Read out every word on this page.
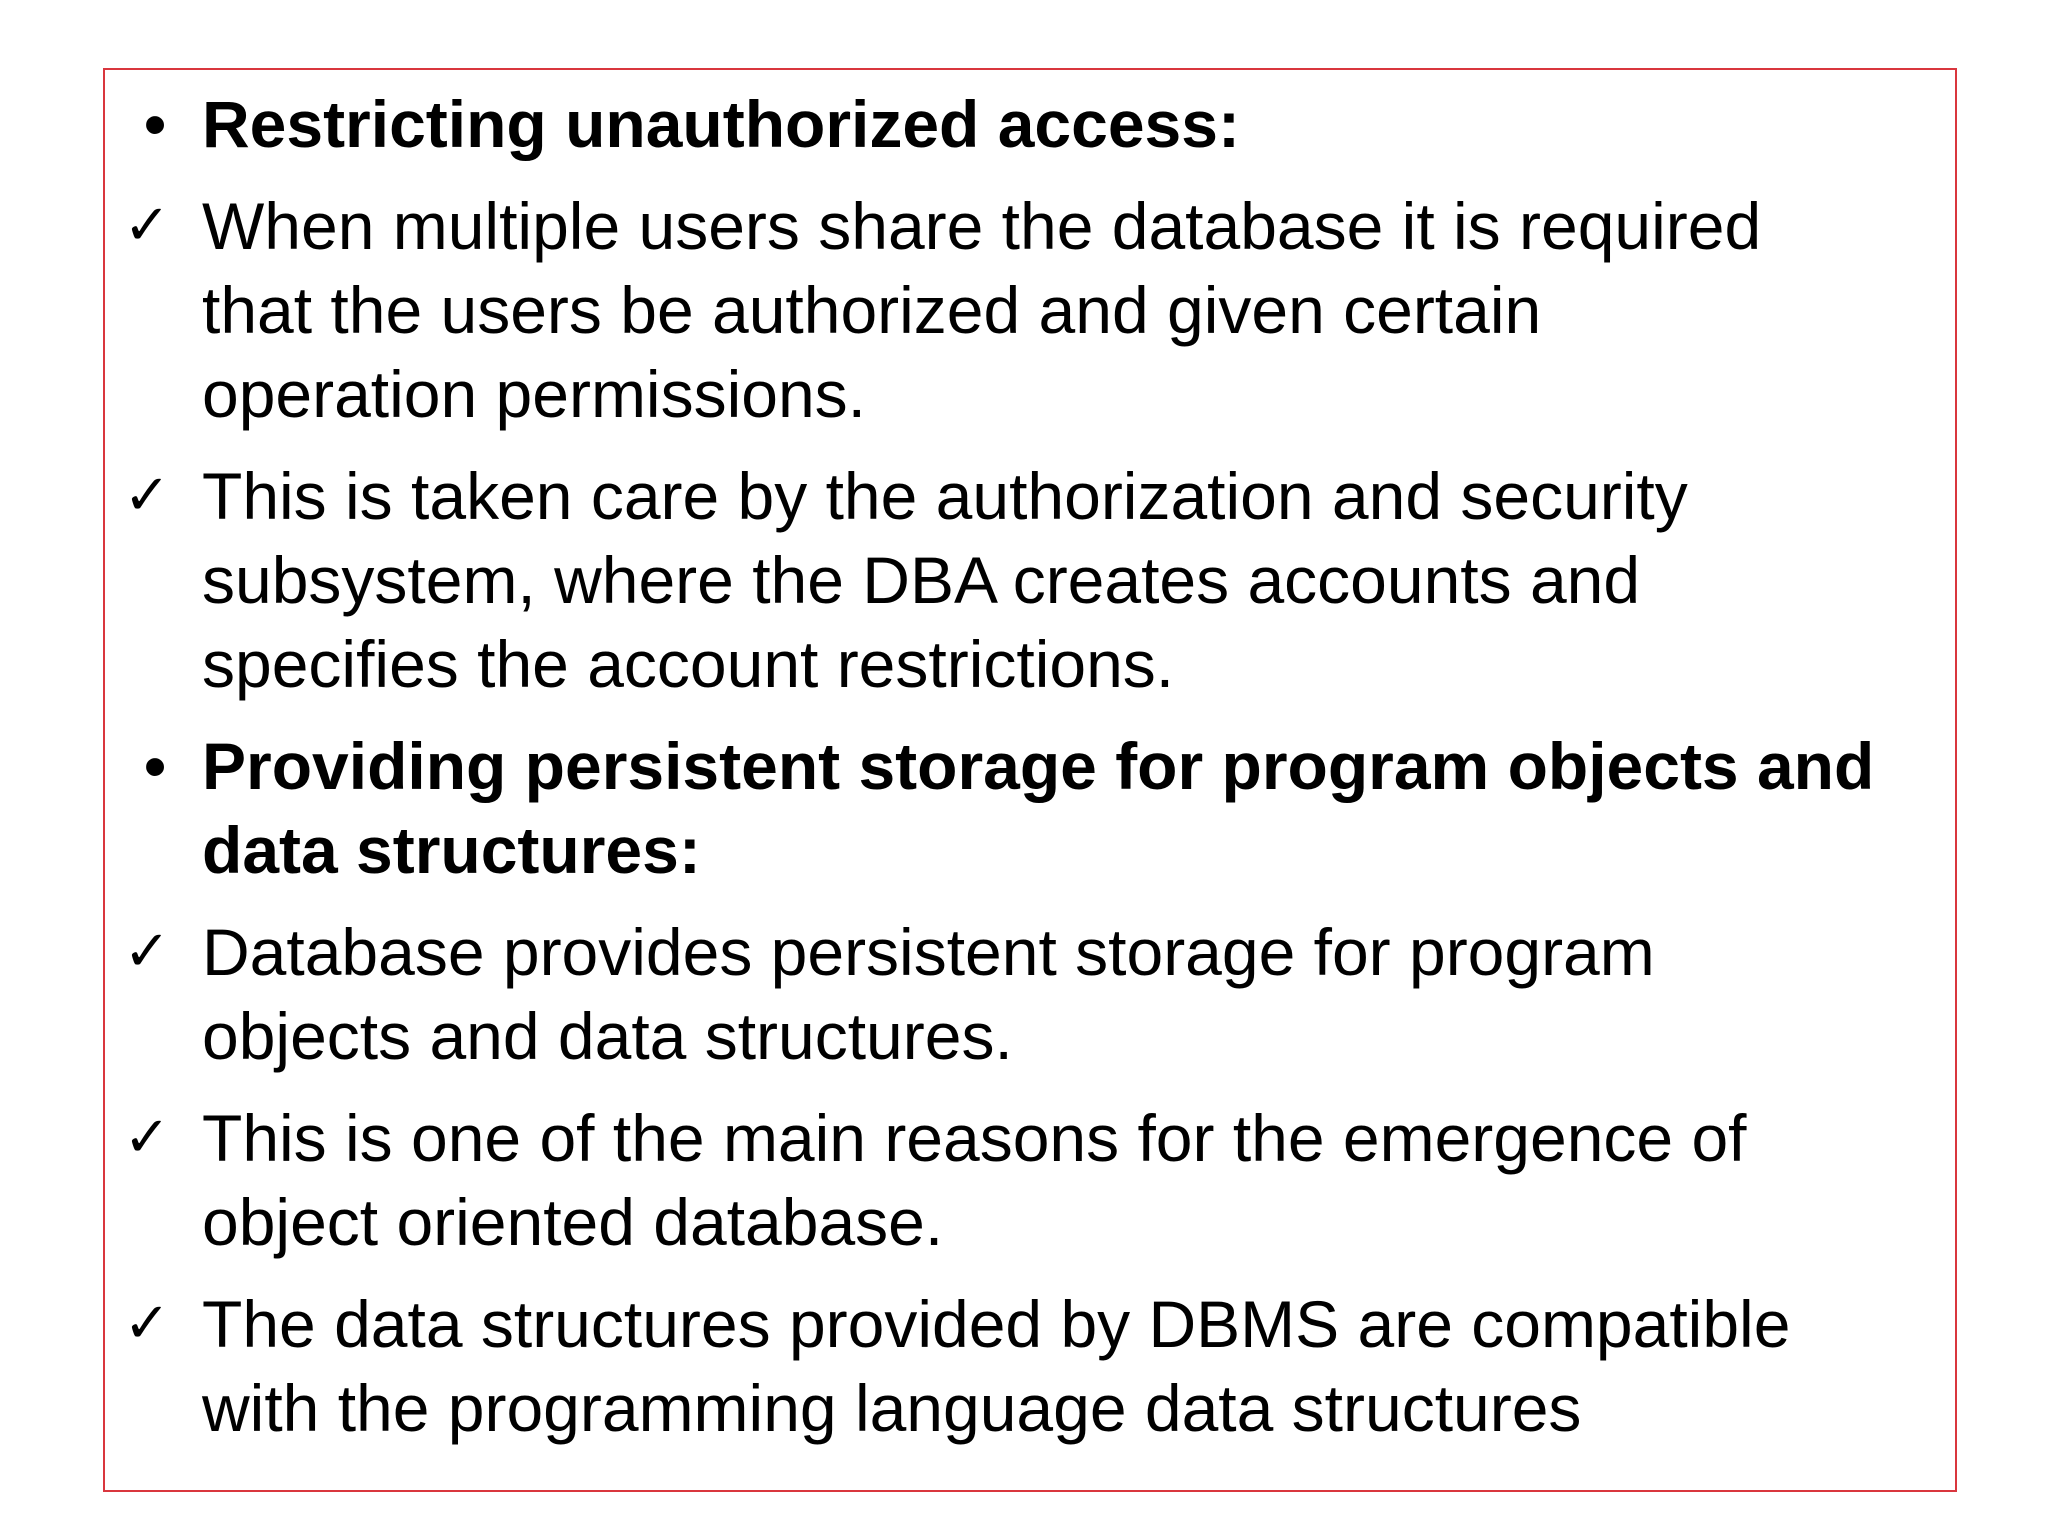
• Restricting unauthorized access:
✓ When multiple users share the database it is required
that the users be authorized and given certain
operation permissions.
✓ This is taken care by the authorization and security
subsystem, where the DBA creates accounts and
specifies the account restrictions.
• Providing persistent storage for program objects and
data structures:
✓ Database provides persistent storage for program
objects and data structures.
✓ This is one of the main reasons for the emergence of
object oriented database.
✓ The data structures provided by DBMS are compatible
with the programming language data structures
